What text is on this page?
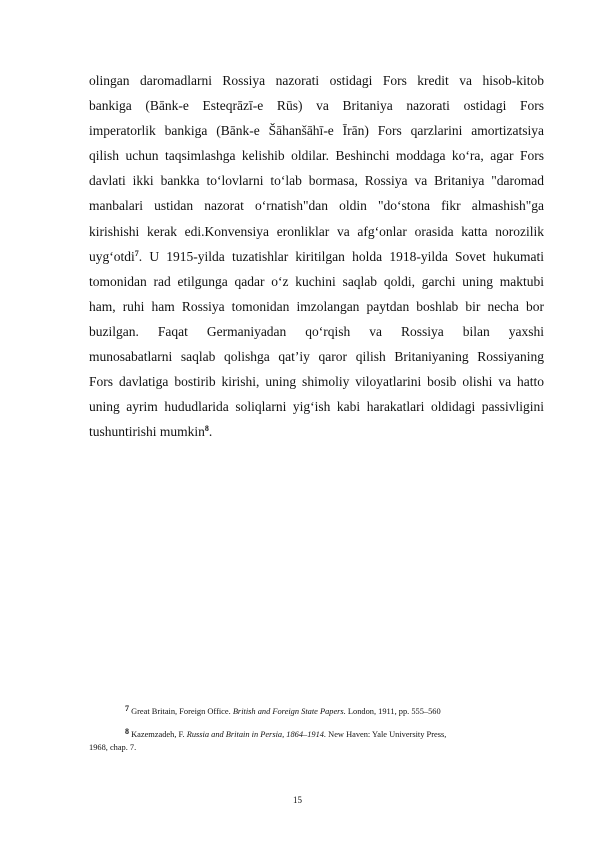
olingan daromadlarni Rossiya nazorati ostidagi Fors kredit va hisob-kitob
bankiga (Bānk-e Esteqrāzī-e Rūs) va Britaniya nazorati ostidagi Fors
imperatorlik bankiga (Bānk-e Šāhanšāhī-e Īrān) Fors qarzlarini amortizatsiya
qilish uchun taqsimlashga kelishib oldilar. Beshinchi moddaga ko‘ra, agar Fors
davlati ikki bankka to‘lovlarni to‘lab bormasa, Rossiya va Britaniya "daromad
manbalari ustidan nazorat o‘rnatish"dan oldin "do‘stona fikr almashish"ga
kirishishi kerak edi.Konvensiya eronliklar va afg‘onlar orasida katta norozilik
uyg‘otdi$^7$. U 1915-yilda tuzatishlar kiritilgan holda 1918-yilda Sovet hukumati
tomonidan rad etilgunga qadar o‘z kuchini saqlab qoldi, garchi uning maktubi
ham, ruhi ham Rossiya tomonidan imzolangan paytdan boshlab bir necha bor
buzilgan. Faqat Germaniyadan qo‘rqish va Rossiya bilan yaxshi
munosabatlarni saqlab qolishga qat’iy qaror qilish Britaniyaning Rossiyaning
Fors davlatiga bostirib kirishi, uning shimoliy viloyatlarini bosib olishi va hatto
uning ayrim hududlarida soliqlarni yig‘ish kabi harakatlari oldidagi passivligini
tushuntirishi mumkin$^8$.
$^7$ Great Britain, Foreign Office. British and Foreign State Papers. London, 1911, pp. 555–560
$^8$ Kazemzadeh, F. Russia and Britain in Persia, 1864–1914. New Haven: Yale University Press,
1968, chap. 7.
15
